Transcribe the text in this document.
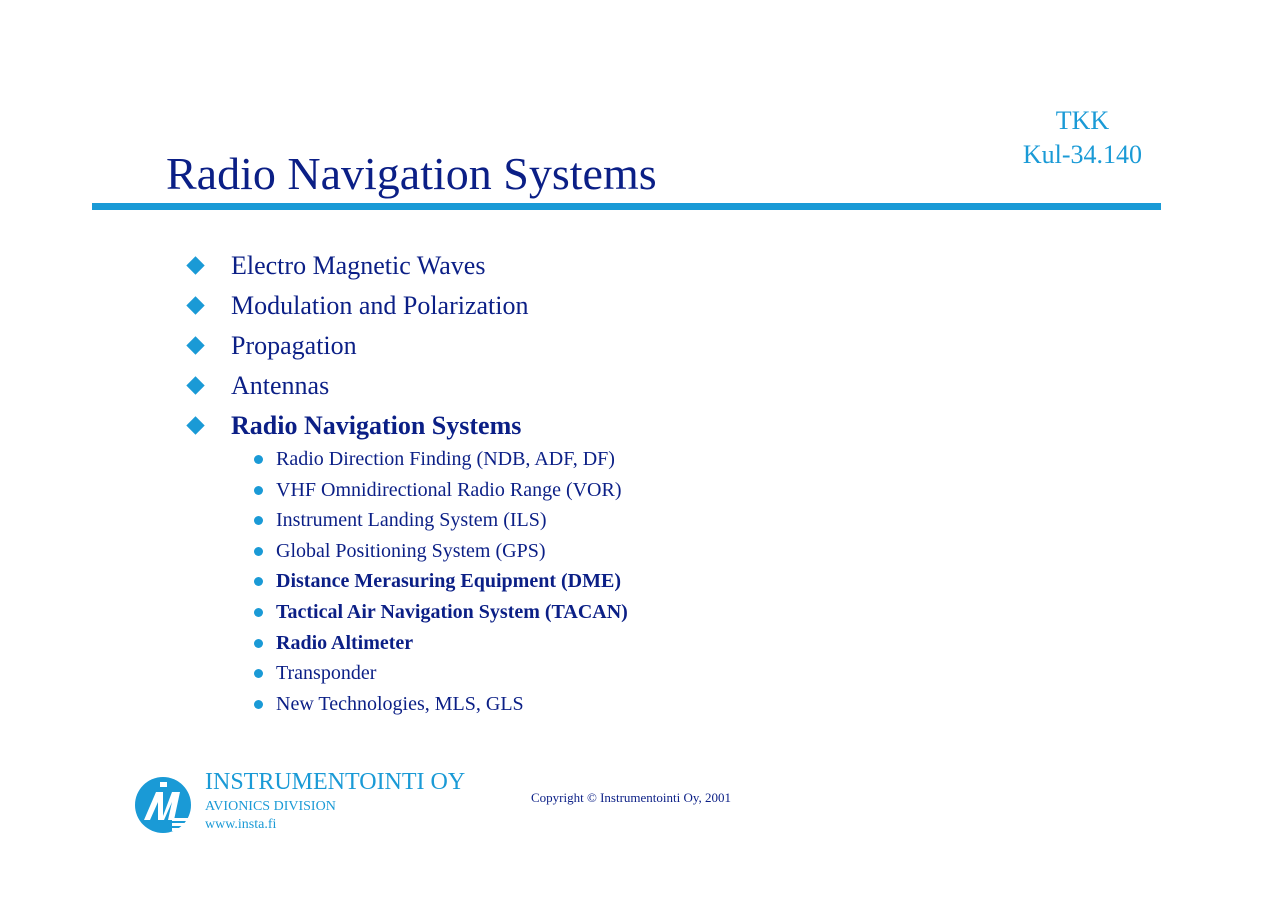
TKK
Kul-34.140
Radio Navigation Systems
Electro Magnetic Waves
Modulation and Polarization
Propagation
Antennas
Radio Navigation Systems
Radio Direction Finding (NDB, ADF, DF)
VHF Omnidirectional Radio Range (VOR)
Instrument Landing System (ILS)
Global Positioning System (GPS)
Distance Merasuring Equipment (DME)
Tactical Air Navigation System (TACAN)
Radio Altimeter
Transponder
New Technologies, MLS, GLS
INSTRUMENTOINTI OY
AVIONICS DIVISION
www.insta.fi
Copyright © Instrumentointi Oy, 2001
